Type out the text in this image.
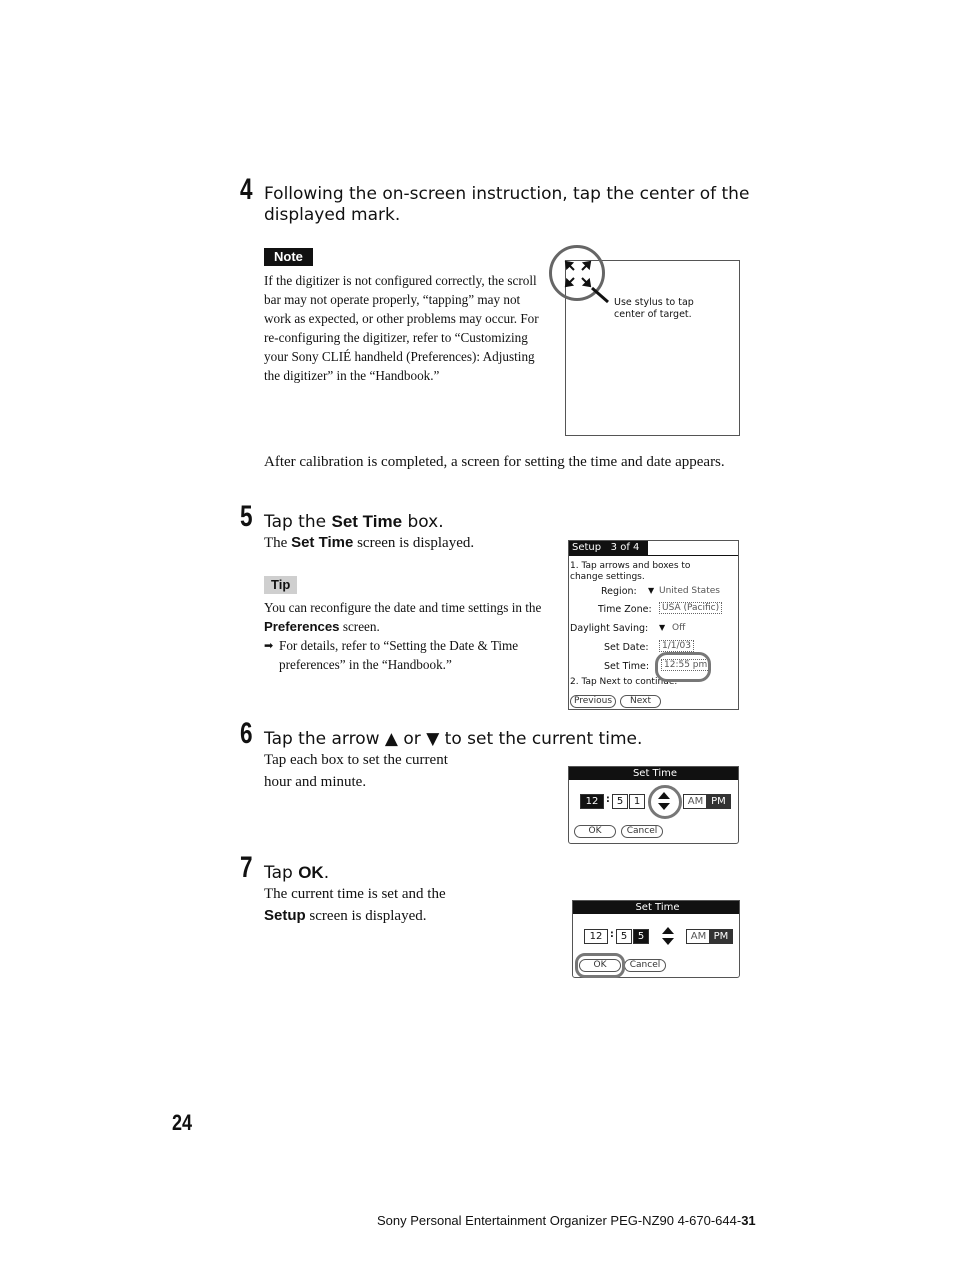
4 Following the on-screen instruction, tap the center of the displayed mark.
Note
If the digitizer is not configured correctly, the scroll bar may not operate properly, “tapping” may not work as expected, or other problems may occur. For re-configuring the digitizer, refer to “Customizing your Sony CLIÉ handheld (Preferences): Adjusting the digitizer” in the “Handbook.”
Use stylus to tap
center of target.
After calibration is completed, a screen for setting the time and date appears.
5 Tap the Set Time box.
The Set Time screen is displayed.
Tip
You can reconfigure the date and time settings in the
Preferences screen.
➡ For details, refer to “Setting the Date & Time preferences” in the “Handbook.”
Setup 3 of 4
1. Tap arrows and boxes to change settings.
Region: ▼ United States
Time Zone:	USA (Pacific)
Daylight Saving: ▼ Off
Set Date:	1/1/03
Set Time:	12:55 pm
2. Tap Next to continue.
Previous	Next
6 Tap the arrow ▲ or ▼ to set the current time.
Tap each box to set the current hour and minute.
Set Time
12 : 5	1	AM PM
OK	Cancel
7 Tap OK.
The current time is set and the
Setup screen is displayed.
Set Time
12 : 5	5	AM PM
OK	Cancel
24
Sony Personal Entertainment Organizer PEG-NZ90 4-670-644-31
